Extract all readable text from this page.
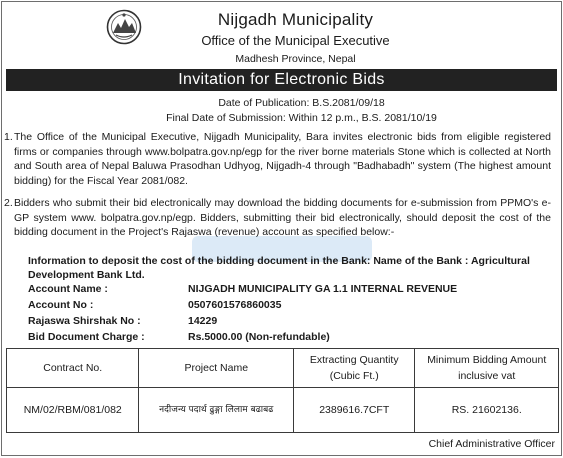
Nijgadh Municipality
Office of the Municipal Executive
Madhesh Province, Nepal
Invitation for Electronic Bids
Date of Publication: B.S.2081/09/18
Final Date of Submission: Within 12 p.m., B.S. 2081/10/19
1. The Office of the Municipal Executive, Nijgadh Municipality, Bara invites electronic bids from eligible registered firms or companies through www.bolpatra.gov.np/egp for the river borne materials Stone which is collected at North and South area of Nepal Baluwa Prasodhan Udhyog, Nijgadh-4 through "Badhabadh" system (The highest amount bidding) for the Fiscal Year 2081/082.
2. Bidders who submit their bid electronically may download the bidding documents for e-submission from PPMO's e-GP system www. bolpatra.gov.np/egp. Bidders, submitting their bid electronically, should deposit the cost of the bidding document in the Project's Rajaswa (revenue) account as specified below:-
Information to deposit the cost of the bidding document in the Bank: Name of the Bank : Agricultural Development Bank Ltd.
Account Name :	NIJGADH MUNICIPALITY GA 1.1 INTERNAL REVENUE
Account No :	0507601576860035
Rajaswa Shirshak No :	14229
Bid Document Charge :	Rs.5000.00 (Non-refundable)
Contract No.	Project Name	Extracting Quantity (Cubic Ft.)	Minimum Bidding Amount inclusive vat
NM/02/RBM/081/082	नदीजन्य पदार्थ ढुङ्गा लिलाम बढाबढ	2389616.7CFT	RS. 21602136.
Chief Administrative Officer
